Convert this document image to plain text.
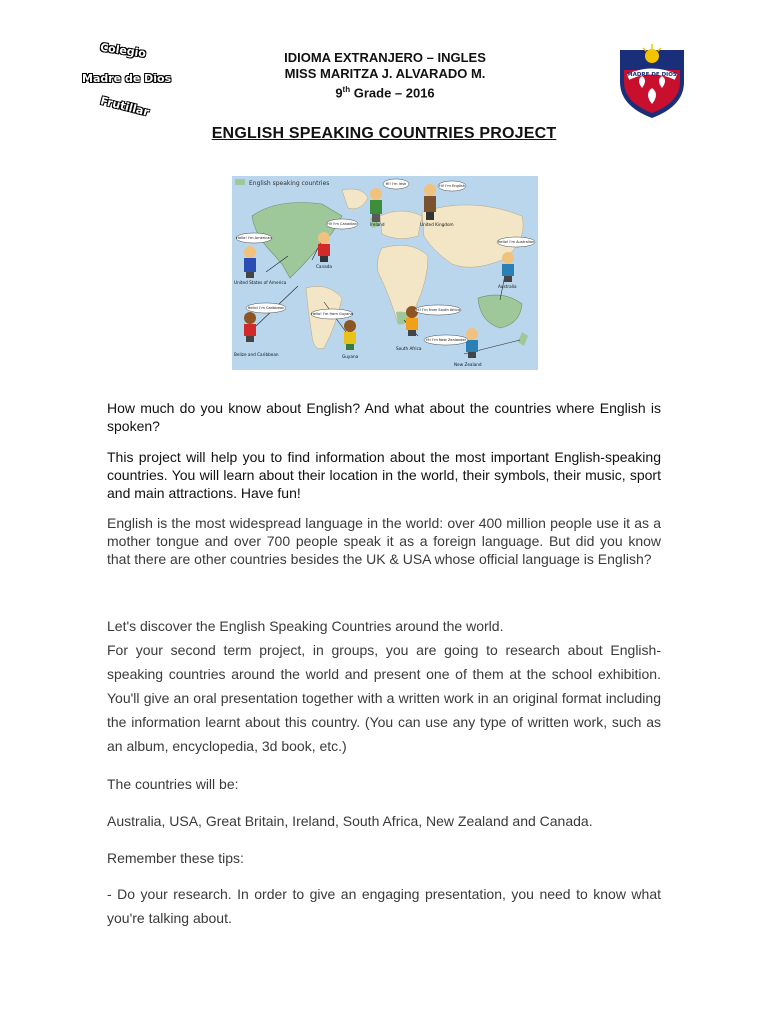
Colegio
Madre de Dios
Frutillar
IDIOMA EXTRANJERO – INGLES
MISS MARITZA J. ALVARADO M.
9th Grade – 2016
MADRE DE DIOS
ENGLISH SPEAKING COUNTRIES PROJECT
English speaking countries	Hi! I'm Irish	Hi! I'm English
Hi! I'm Canadian
Hello! I'm American
Hello! I'm Australian
Hello! I'm Caribbean
Hello! I'm from Guyana
Hi! I'm from South Africa
Hi! I'm New Zealander
Ireland	United Kingdom
Canada
United States of America
Australia
Belize and Caribbean	Guyana
South Africa
New Zealand
How much do you know about English? And what about the countries where English is spoken?
This project will help you to find information about the most important English-speaking countries. You will learn about their location in the world, their symbols, their music, sport and main attractions. Have fun!
English is the most widespread language in the world: over 400 million people use it as a mother tongue and over 700 people speak it as a foreign language. But did you know that there are other countries besides the UK & USA whose official language is English?
Let's discover the English Speaking Countries around the world.
For your second term project, in groups, you are going to research about English-speaking countries around the world and present one of them at the school exhibition. You'll give an oral presentation together with a written work in an original format including the information learnt about this country. (You can use any type of written work, such as an album, encyclopedia, 3d book, etc.)
The countries will be:
Australia, USA, Great Britain, Ireland, South Africa, New Zealand and Canada.
Remember these tips:
- Do your research. In order to give an engaging presentation, you need to know what you're talking about.
